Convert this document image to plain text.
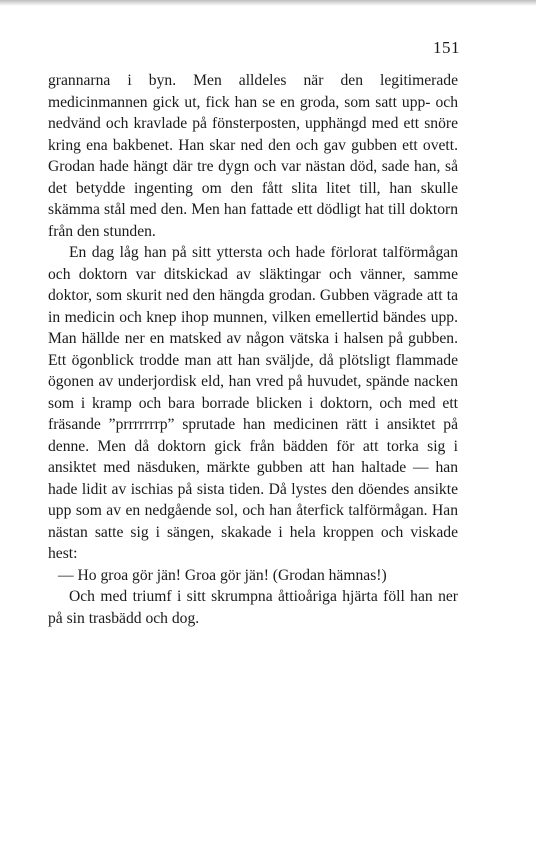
151

grannarna i byn. Men alldeles när den legitimerade medicinmannen gick ut, fick han se en groda, som satt upp- och nedvänd och kravlade på fönsterposten, upphängd med ett snöre kring ena bakbenet. Han skar ned den och gav gubben ett ovett. Grodan hade hängt där tre dygn och var nästan död, sade han, så det betydde ingenting om den fått slita litet till, han skulle skämma stål med den. Men han fattade ett dödligt hat till doktorn från den stunden.

En dag låg han på sitt yttersta och hade förlorat talförmågan och doktorn var ditskickad av släktingar och vänner, samme doktor, som skurit ned den hängda grodan. Gubben vägrade att ta in medicin och knep ihop munnen, vilken emellertid bändes upp. Man hällde ner en matsked av någon vätska i halsen på gubben. Ett ögonblick trodde man att han sväljde, då plötsligt flammade ögonen av underjordisk eld, han vred på huvudet, spände nacken som i kramp och bara borrade blicken i doktorn, och med ett fräsande ”prrrrrrrp” sprutade han medicinen rätt i ansiktet på denne. Men då doktorn gick från bädden för att torka sig i ansiktet med näsduken, märkte gubben att han haltade — han hade lidit av ischias på sista tiden. Då lystes den döendes ansikte upp som av en nedgående sol, och han återfick talförmågan. Han nästan satte sig i sängen, skakade i hela kroppen och viskade hest:

— Ho groa gör jän! Groa gör jän! (Grodan hämnas!)

Och med triumf i sitt skrumpna åttioåriga hjärta föll han ner på sin trasbädd och dog.
